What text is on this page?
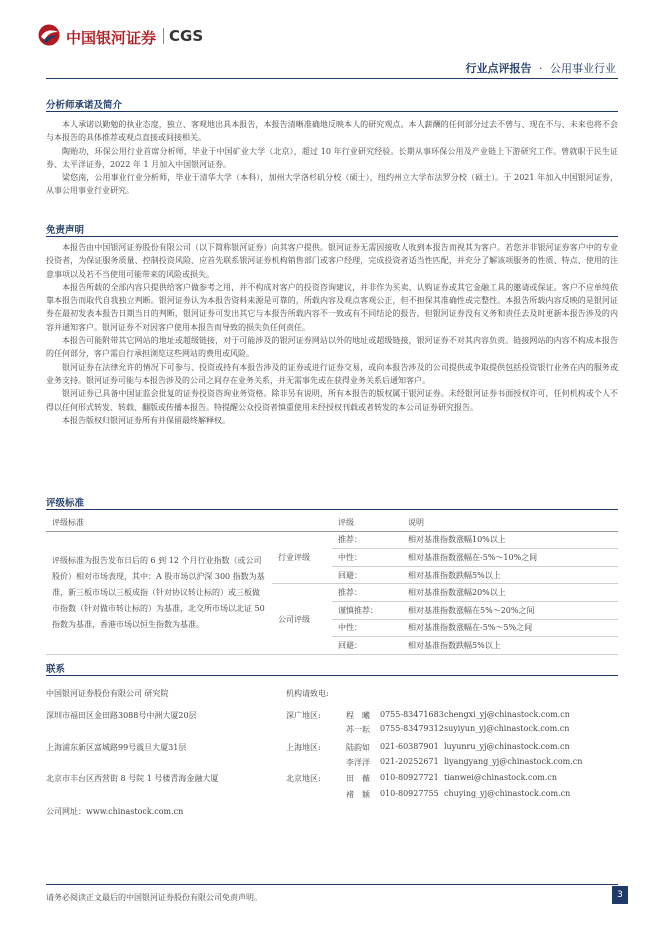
中国银河证券 CGS
行业点评报告 · 公用事业行业
分析师承诺及简介

本人承诺以勤勉的执业态度，独立、客观地出具本报告，本报告清晰准确地反映本人的研究观点。本人薪酬的任何部分过去不曾与、现在不与、未来也将不会与本报告的具体推荐或观点直接或间接相关。

陶贻功，环保公用行业首席分析师，毕业于中国矿业大学（北京），超过 10 年行业研究经验。长期从事环保公用及产业链上下游研究工作。曾就职于民生证券、太平洋证券，2022 年 1 月加入中国银河证券。

梁悠南，公用事业行业分析师，毕业于清华大学（本科），加州大学洛杉矶分校（硕士），纽约州立大学布法罗分校（硕士）。于 2021 年加入中国银河证券，从事公用事业行业研究。

免责声明

本报告由中国银河证券股份有限公司（以下简称银河证券）向其客户提供。银河证券无需因接收人收到本报告而视其为客户。若您并非银河证券客户中的专业投资者，为保证服务质量、控制投资风险、应首先联系银河证券机构销售部门或客户经理，完成投资者适当性匹配，并充分了解该项服务的性质、特点、使用的注意事项以及若不当使用可能带来的风险或损失。

本报告所载的全部内容只提供给客户做参考之用，并不构成对客户的投资咨询建议，并非作为买卖、认购证券或其它金融工具的邀请或保证。客户不应单纯依靠本报告而取代自我独立判断。银河证券认为本报告资料来源是可靠的，所载内容及观点客观公正，但不担保其准确性或完整性。本报告所载内容反映的是银河证券在最初发表本报告日期当日的判断，银河证券可发出其它与本报告所载内容不一致或有不同结论的报告，但银河证券没有义务和责任去及时更新本报告涉及的内容并通知客户。银河证券不对因客户使用本报告而导致的损失负任何责任。

本报告可能附带其它网站的地址或超级链接，对于可能涉及的银河证券网站以外的地址或超级链接，银河证券不对其内容负责。链接网站的内容不构成本报告的任何部分，客户需自行承担浏览这些网站的费用或风险。

银河证券在法律允许的情况下可参与、投资或持有本报告涉及的证券或进行证券交易，或向本报告涉及的公司提供或争取提供包括投资银行业务在内的服务或业务支持。银河证券可能与本报告涉及的公司之间存在业务关系，并无需事先或在获得业务关系后通知客户。

银河证券已具备中国证监会批复的证券投资咨询业务资格。除非另有说明，所有本报告的版权属于银河证券。未经银河证券书面授权许可，任何机构或个人不得以任何形式转发、转载、翻版或传播本报告。特提醒公众投资者慎重使用未经授权刊载或者转发的本公司证券研究报告。

本报告版权归银河证券所有并保留最终解释权。

评级标准
评级标准		评级	说明
评级标准为报告发布日后的 6 到 12 个月行业指数（或公司股价）相对市场表现，其中：A 股市场以沪深 300 指数为基准，新三板市场以三板成指（针对协议转让标的）或三板做市指数（针对做市转让标的）为基准，北交所市场以北证 50 指数为基准，香港市场以恒生指数为基准。	行业评级	推荐：	相对基准指数涨幅10%以上
		中性：	相对基准指数涨幅在-5%～10%之间
		回避：	相对基准指数跌幅5%以上
	公司评级	推荐：	相对基准指数涨幅20%以上
		谨慎推荐：	相对基准指数涨幅在5%～20%之间
		中性：	相对基准指数涨幅在-5%～5%之间
		回避：	相对基准指数跌幅5%以上
联系
中国银河证券股份有限公司 研究院	机构请致电:
深圳市福田区金田路3088号中洲大厦20层	深广地区:	程　曦 0755-83471683 chengxi_yj@chinastock.com.cn
苏一耘 0755-83479312 suyiyun_yj@chinastock.com.cn
上海浦东新区富城路99号震旦大厦31层	上海地区:	陆韵如 021-60387901 luyunru_yj@chinastock.com.cn
李洋洋 021-20252671 liyangyang_yj@chinastock.com.cn
北京市丰台区西营街 8 号院 1 号楼青海金融大厦	北京地区:	田　薇 010-80927721 tianwei@chinastock.com.cn
褚　颖 010-80927755 chuying_yj@chinastock.com.cn
公司网址：www.chinastock.com.cn
请务必阅读正文最后的中国银河证券股份有限公司免责声明。	3
